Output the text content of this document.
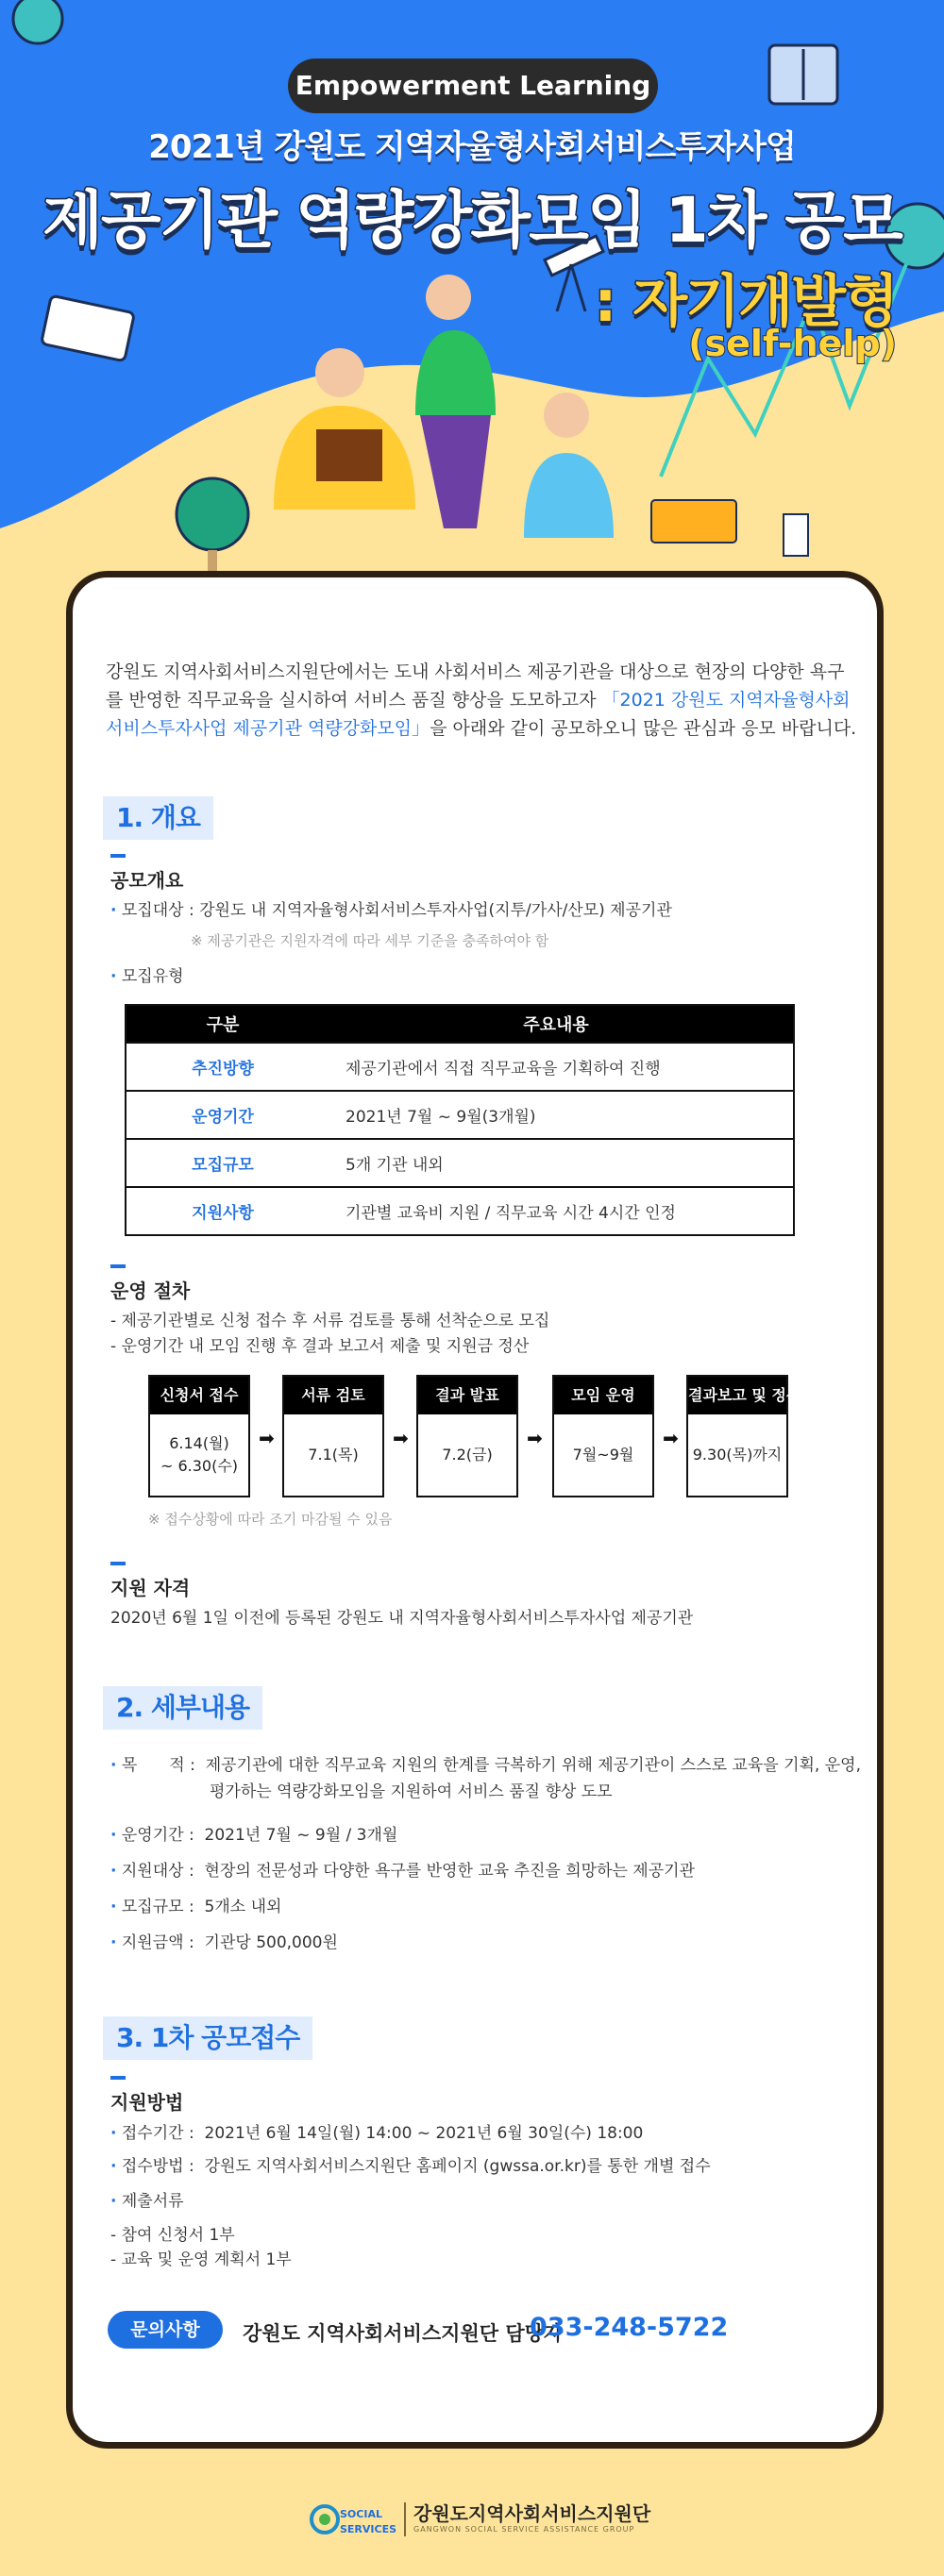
Empowerment Learning
2021년 강원도 지역자율형사회서비스투자사업
제공기관 역량강화모임 1차 공모
: 자기개발형
(self-help)
강원도 지역사회서비스지원단에서는 도내 사회서비스 제공기관을 대상으로 현장의 다양한 욕구를 반영한 직무교육을 실시하여 서비스 품질 향상을 도모하고자 「2021 강원도 지역자율형사회서비스투자사업 제공기관 역량강화모임」을 아래와 같이 공모하오니 많은 관심과 응모 바랍니다.
1. 개요
공모개요
· 모집대상 : 강원도 내 지역자율형사회서비스투자사업(지투/가사/산모) 제공기관
※ 제공기관은 지원자격에 따라 세부 기준을 충족하여야 함
· 모집유형
구분	주요내용
추진방향	제공기관에서 직접 직무교육을 기획하여 진행
운영기간	2021년 7월 ~ 9월(3개월)
모집규모	5개 기관 내외
지원사항	기관별 교육비 지원 / 직무교육 시간 4시간 인정
운영 절차
- 제공기관별로 신청 접수 후 서류 검토를 통해 선착순으로 모집
- 운영기간 내 모임 진행 후 결과 보고서 제출 및 지원금 정산
신청서 접수
6.14(월)
~ 6.30(수)
➡
서류 검토
7.1(목)
➡
결과 발표
7.2(금)
➡
모임 운영
7월~9월
➡
결과보고 및 정산
9.30(목)까지
※ 접수상황에 따라 조기 마감될 수 있음
지원 자격
2020년 6월 1일 이전에 등록된 강원도 내 지역자율형사회서비스투자사업 제공기관
2. 세부내용
· 목　　적 :  제공기관에 대한 직무교육 지원의 한계를 극복하기 위해 제공기관이 스스로 교육을 기획, 운영,
평가하는 역량강화모임을 지원하여 서비스 품질 향상 도모
· 운영기간 :  2021년 7월 ~ 9월 / 3개월
· 지원대상 :  현장의 전문성과 다양한 욕구를 반영한 교육 추진을 희망하는 제공기관
· 모집규모 :  5개소 내외
· 지원금액 :  기관당 500,000원
3. 1차 공모접수
지원방법
· 접수기간 :  2021년 6월 14일(월) 14:00 ~ 2021년 6월 30일(수) 18:00
· 접수방법 :  강원도 지역사회서비스지원단 홈페이지 (gwssa.or.kr)를 통한 개별 접수
· 제출서류
- 참여 신청서 1부
- 교육 및 운영 계획서 1부
문의사항	강원도 지역사회서비스지원단 담당자
033-248-5722
SOCIAL
SERVICES
강원도지역사회서비스지원단
GANGWON SOCIAL SERVICE ASSISTANCE GROUP
